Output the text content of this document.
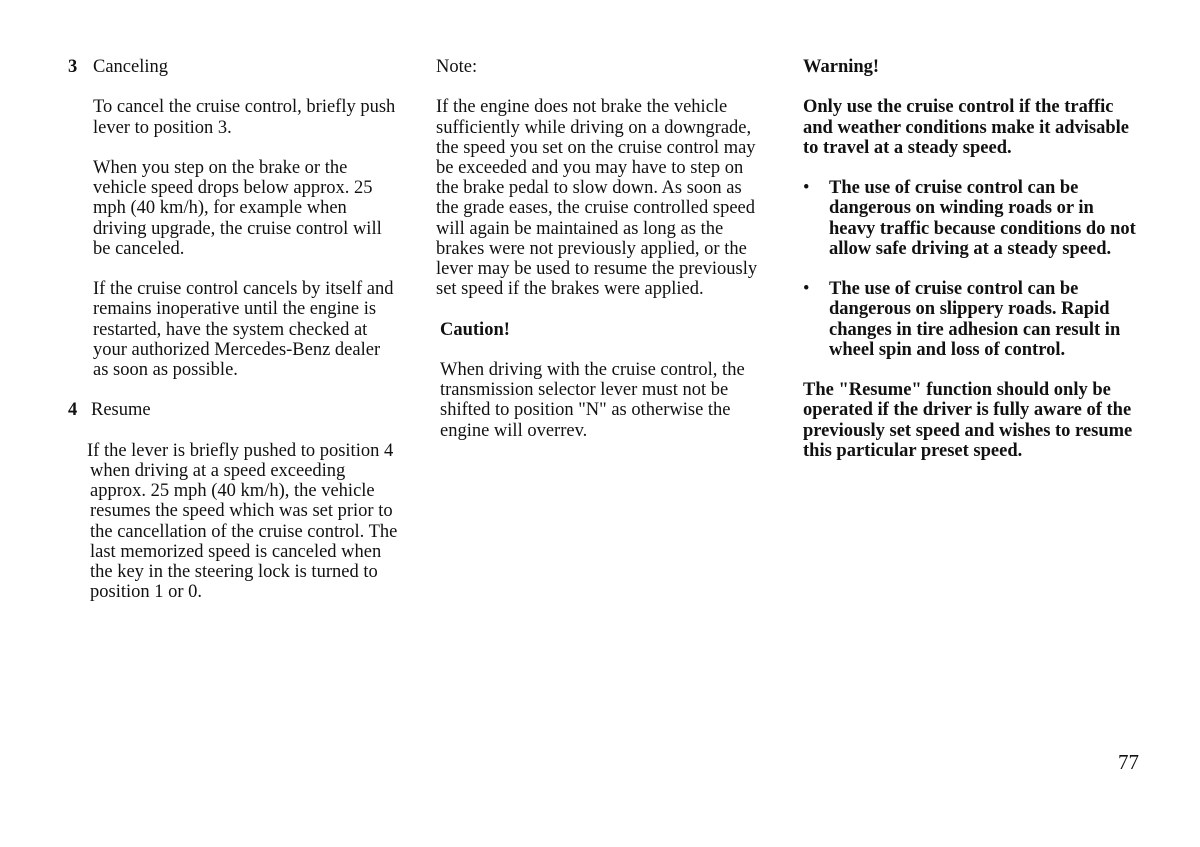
3 Canceling

To cancel the cruise control, briefly push lever to position 3.

When you step on the brake or the vehicle speed drops below approx. 25 mph (40 km/h), for example when driving upgrade, the cruise control will be canceled.

If the cruise control cancels by itself and remains inoperative until the engine is restarted, have the system checked at your authorized Mercedes-Benz dealer as soon as possible.

4 Resume

If the lever is briefly pushed to position 4 when driving at a speed exceeding approx. 25 mph (40 km/h), the vehicle resumes the speed which was set prior to the cancellation of the cruise control. The last memorized speed is canceled when the key in the steering lock is turned to position 1 or 0.

Note:

If the engine does not brake the vehicle sufficiently while driving on a downgrade, the speed you set on the cruise control may be exceeded and you may have to step on the brake pedal to slow down. As soon as the grade eases, the cruise controlled speed will again be maintained as long as the brakes were not previously applied, or the lever may be used to resume the previously set speed if the brakes were applied.

Caution!

When driving with the cruise control, the transmission selector lever must not be shifted to position "N" as otherwise the engine will overrev.

Warning!

Only use the cruise control if the traffic and weather conditions make it advisable to travel at a steady speed.

• The use of cruise control can be dangerous on winding roads or in heavy traffic because conditions do not allow safe driving at a steady speed.

• The use of cruise control can be dangerous on slippery roads. Rapid changes in tire adhesion can result in wheel spin and loss of control.

The "Resume" function should only be operated if the driver is fully aware of the previously set speed and wishes to resume this particular preset speed.

77
